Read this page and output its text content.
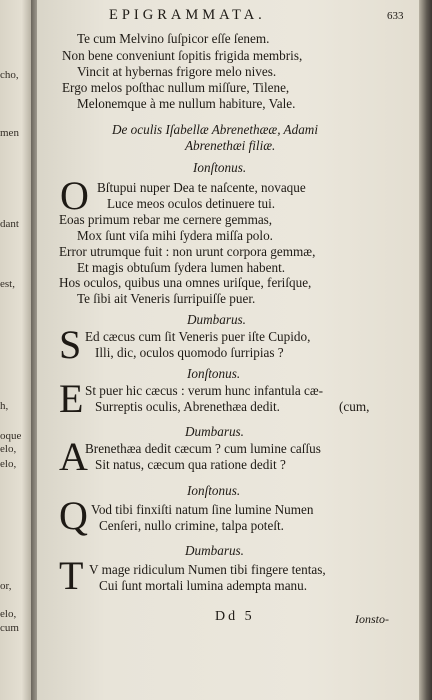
cho,
men
dant
est,
h,
oque
elo,
elo,
or,
elo,
cum
EPIGRAMMATA.	633
Te cum Melvino ſuſpicor eſſe ſenem.
Non bene conveniunt ſopitis frigida membris,
Vincit at hybernas frigore melo nives.
Ergo melos poſthac nullum miſſure, Tilene,
Melonemque à me nullum habiture, Vale.
De oculis Iſabellæ Abrenethææ, Adami
Abrenethæi filiæ.
Ionſtonus.
O Bſtupui nuper Dea te naſcente, novaque
Luce meos oculos detinuere tui.
Eoas primum rebar me cernere gemmas,
Mox ſunt viſa mihi ſydera miſſa polo.
Error utrumque fuit : non urunt corpora gemmæ,
Et magis obtuſum ſydera lumen habent.
Hos oculos, quibus una omnes uriſque, feriſque,
Te ſibi ait Veneris ſurripuiſſe puer.
Dumbarus.
S Ed cæcus cum ſit Veneris puer iſte Cupido,
Illi, dic, oculos quomodo ſurripias ?
Ionſtonus.
E St puer hic cæcus : verum hunc infantula cæ-
Surreptis oculis, Abrenethæa dedit.	(cum,
Dumbarus.
A
Brenethæa dedit cæcum ? cum lumine caſſus
Sit natus, cæcum qua ratione dedit ?
Ionſtonus.
Q Vod tibi finxiſti natum ſine lumine Numen
Cenſeri, nullo crimine, talpa poteſt.
Dumbarus.
T V mage ridiculum Numen tibi fingere tentas,
Cui ſunt mortali lumina adempta manu.
Dd 5	Ionsto-
